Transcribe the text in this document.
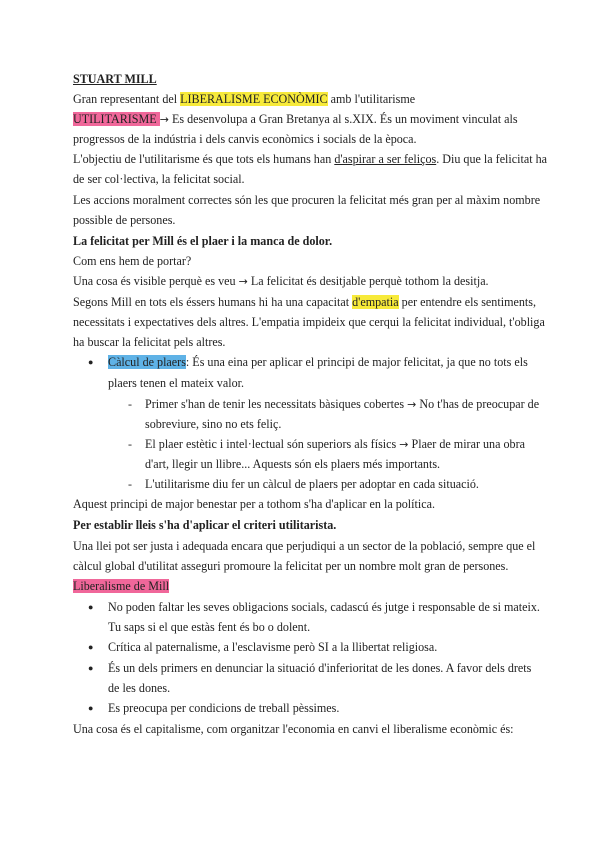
STUART MILL
Gran representant del LIBERALISME ECONÒMIC amb l'utilitarisme
UTILITARISME → Es desenvolupa a Gran Bretanya al s.XIX. És un moviment vinculat als
progressos de la indústria i dels canvis econòmics i socials de la època.
L'objectiu de l'utilitarisme és que tots els humans han d'aspirar a ser feliços. Diu que la felicitat ha
de ser col·lectiva, la felicitat social.
Les accions moralment correctes són les que procuren la felicitat més gran per al màxim nombre
possible de persones.
La felicitat per Mill és el plaer i la manca de dolor.
Com ens hem de portar?
Una cosa és visible perquè es veu → La felicitat és desitjable perquè tothom la desitja.
Segons Mill en tots els éssers humans hi ha una capacitat d'empatia per entendre els sentiments,
necessitats i expectatives dels altres. L'empatia impideix que cerqui la felicitat individual, t'obliga
ha buscar la felicitat pels altres.
● Càlcul de plaers: És una eina per aplicar el principi de major felicitat, ja que no tots els
plaers tenen el mateix valor.
- Primer s'han de tenir les necessitats bàsiques cobertes → No t'has de preocupar de
sobreviure, sino no ets feliç.
- El plaer estètic i intel·lectual són superiors als físics → Plaer de mirar una obra
d'art, llegir un llibre... Aquests són els plaers més importants.
- L'utilitarisme diu fer un càlcul de plaers per adoptar en cada situació.
Aquest principi de major benestar per a tothom s'ha d'aplicar en la política.
Per establir lleis s'ha d'aplicar el criteri utilitarista.
Una llei pot ser justa i adequada encara que perjudiqui a un sector de la població, sempre que el
càlcul global d'utilitat asseguri promoure la felicitat per un nombre molt gran de persones.
Liberalisme de Mill
● No poden faltar les seves obligacions socials, cadascú és jutge i responsable de si mateix.
Tu saps si el que estàs fent és bo o dolent.
● Crítica al paternalisme, a l'esclavisme però SI a la llibertat religiosa.
● És un dels primers en denunciar la situació d'inferioritat de les dones. A favor dels drets
de les dones.
● Es preocupa per condicions de treball pèssimes.
Una cosa és el capitalisme, com organitzar l'economia en canvi el liberalisme econòmic és:
